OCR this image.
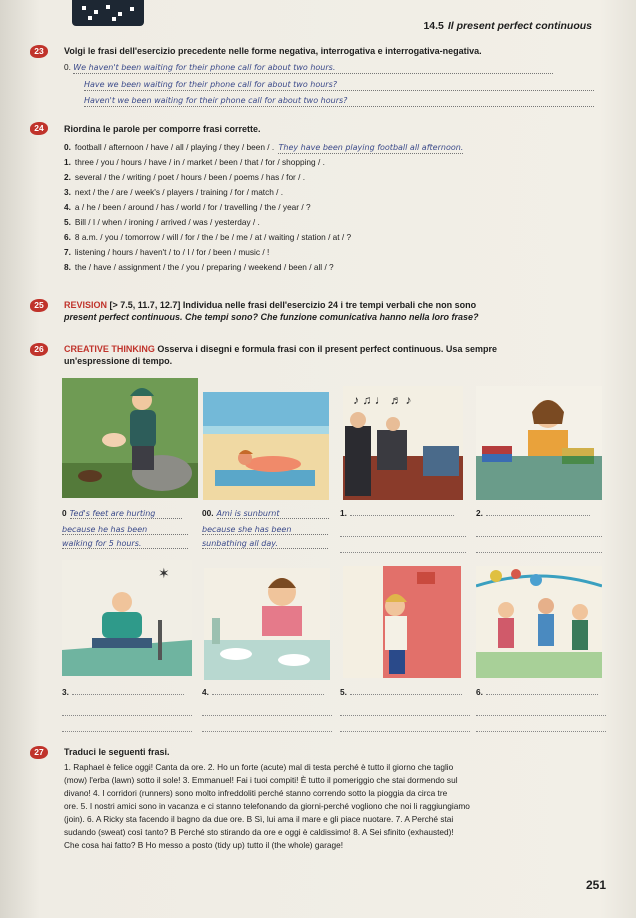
14.5 Il present perfect continuous
23	Volgi le frasi dell'esercizio precedente nelle forme negativa, interrogativa e interrogativa-negativa.
0. We haven't been waiting for their phone call for about two hours.
Have we been waiting for their phone call for about two hours?
Haven't we been waiting for their phone call for about two hours?
24	Riordina le parole per comporre frasi corrette.
0. football / afternoon / have / all / playing / they / been / . They have been playing football all afternoon.
1. three / you / hours / have / in / market / been / that / for / shopping / .
2. several / the / writing / poet / hours / been / poems / has / for / .
3. next / the / are / week's / players / training / for / match / .
4. a / he / been / around / has / world / for / travelling / the / year / ?
5. Bill / I / when / ironing / arrived / was / yesterday / .
6. 8 a.m. / you / tomorrow / will / for / the / be / me / at / waiting / station / at / ?
7. listening / hours / haven't / to / I / for / been / music / !
8. the / have / assignment / the / you / preparing / weekend / been / all / ?
25	REVISION [> 7.5, 11.7, 12.7] Individua nelle frasi dell'esercizio 24 i tre tempi verbali che non sono
present perfect continuous. Che tempi sono? Che funzione comunicativa hanno nella loro frase?
26	CREATIVE THINKING Osserva i disegni e formula frasi con il present perfect continuous. Usa sempre
un'espressione di tempo.
♪ ♫ ♩ ♬ ♪
0 Ted's feet are hurting
because he has been
walking for 5 hours.
00. Ami is sunburnt
because she has been
sunbathing all day.
1.	2.
✶
3.	4.	5.	6.
27	Traduci le seguenti frasi.
1. Raphael è felice oggi! Canta da ore. 2. Ho un forte (acute) mal di testa perché è tutto il giorno che taglio
(mow) l'erba (lawn) sotto il sole! 3. Emmanuel! Fai i tuoi compiti! È tutto il pomeriggio che stai dormendo sul
divano! 4. I corridori (runners) sono molto infreddoliti perché stanno correndo sotto la pioggia da circa tre
ore. 5. I nostri amici sono in vacanza e ci stanno telefonando da giorni-perché vogliono che noi li raggiungiamo
(join). 6. A Ricky sta facendo il bagno da due ore. B Sì, lui ama il mare e gli piace nuotare. 7. A Perché stai
sudando (sweat) così tanto? B Perché sto stirando da ore e oggi è caldissimo! 8. A Sei sfinito (exhausted)!
Che cosa hai fatto? B Ho messo a posto (tidy up) tutto il (the whole) garage!
251
